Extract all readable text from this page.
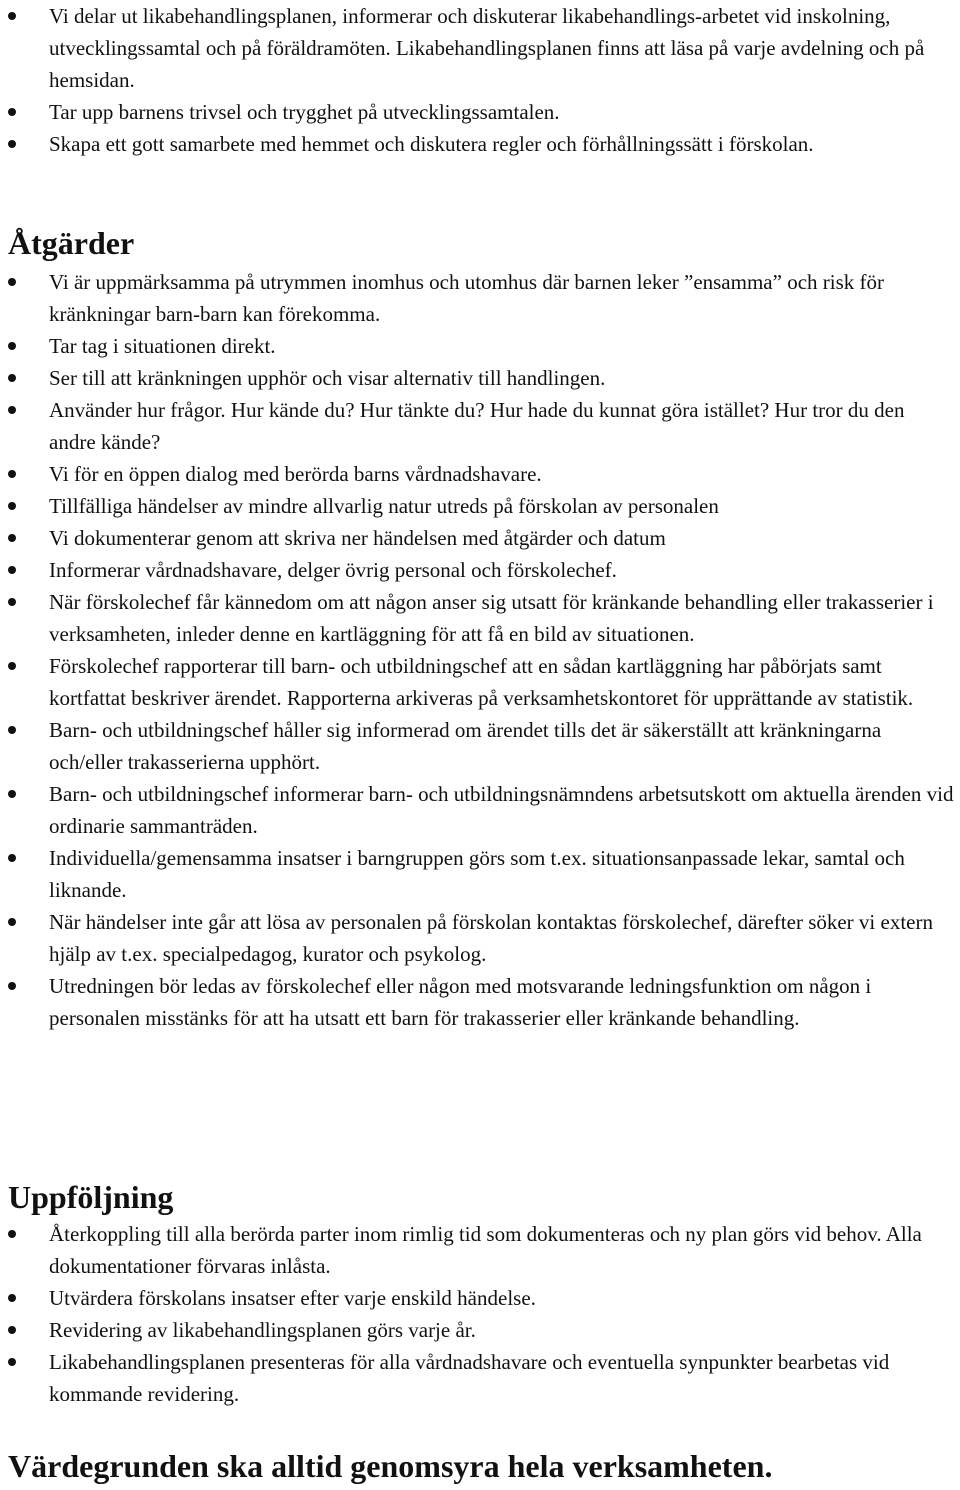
Vi delar ut likabehandlingsplanen, informerar och diskuterar likabehandlings-arbetet vid inskolning, utvecklingssamtal och på föräldramöten. Likabehandlingsplanen finns att läsa på varje avdelning och på hemsidan.
Tar upp barnens trivsel och trygghet på utvecklingssamtalen.
Skapa ett gott samarbete med hemmet och diskutera regler och förhållningssätt i förskolan.
Åtgärder
Vi är uppmärksamma på utrymmen inomhus och utomhus där barnen leker ”ensamma” och risk för kränkningar barn-barn kan förekomma.
Tar tag i situationen direkt.
Ser till att kränkningen upphör och visar alternativ till handlingen.
Använder hur frågor. Hur kände du? Hur tänkte du? Hur hade du kunnat göra istället? Hur tror du den andre kände?
Vi för en öppen dialog med berörda barns vårdnadshavare.
Tillfälliga händelser av mindre allvarlig natur utreds på förskolan av personalen
Vi dokumenterar genom att skriva ner händelsen med åtgärder och datum
Informerar vårdnadshavare, delger övrig personal och förskolechef.
När förskolechef får kännedom om att någon anser sig utsatt för kränkande behandling eller trakasserier i verksamheten, inleder denne en kartläggning för att få en bild av situationen.
Förskolechef rapporterar till barn- och utbildningschef att en sådan kartläggning har påbörjats samt kortfattat beskriver ärendet. Rapporterna arkiveras på verksamhetskontoret för upprättande av statistik.
Barn- och utbildningschef håller sig informerad om ärendet tills det är säkerställt att kränkningarna och/eller trakasserierna upphört.
Barn- och utbildningschef informerar barn- och utbildningsnämndens arbetsutskott om aktuella ärenden vid ordinarie sammanträden.
Individuella/gemensamma insatser i barngruppen görs som t.ex. situationsanpassade lekar, samtal och liknande.
När händelser inte går att lösa av personalen på förskolan kontaktas förskolechef, därefter söker vi extern hjälp av t.ex. specialpedagog, kurator och psykolog.
Utredningen bör ledas av förskolechef eller någon med motsvarande ledningsfunktion om någon i personalen misstänks för att ha utsatt ett barn för trakasserier eller kränkande behandling.
Uppföljning
Återkoppling till alla berörda parter inom rimlig tid som dokumenteras och ny plan görs vid behov. Alla dokumentationer förvaras inlåsta.
Utvärdera förskolans insatser efter varje enskild händelse.
Revidering av likabehandlingsplanen görs varje år.
Likabehandlingsplanen presenteras för alla vårdnadshavare och eventuella synpunkter bearbetas vid kommande revidering.
Värdegrunden ska alltid genomsyra hela verksamheten.
